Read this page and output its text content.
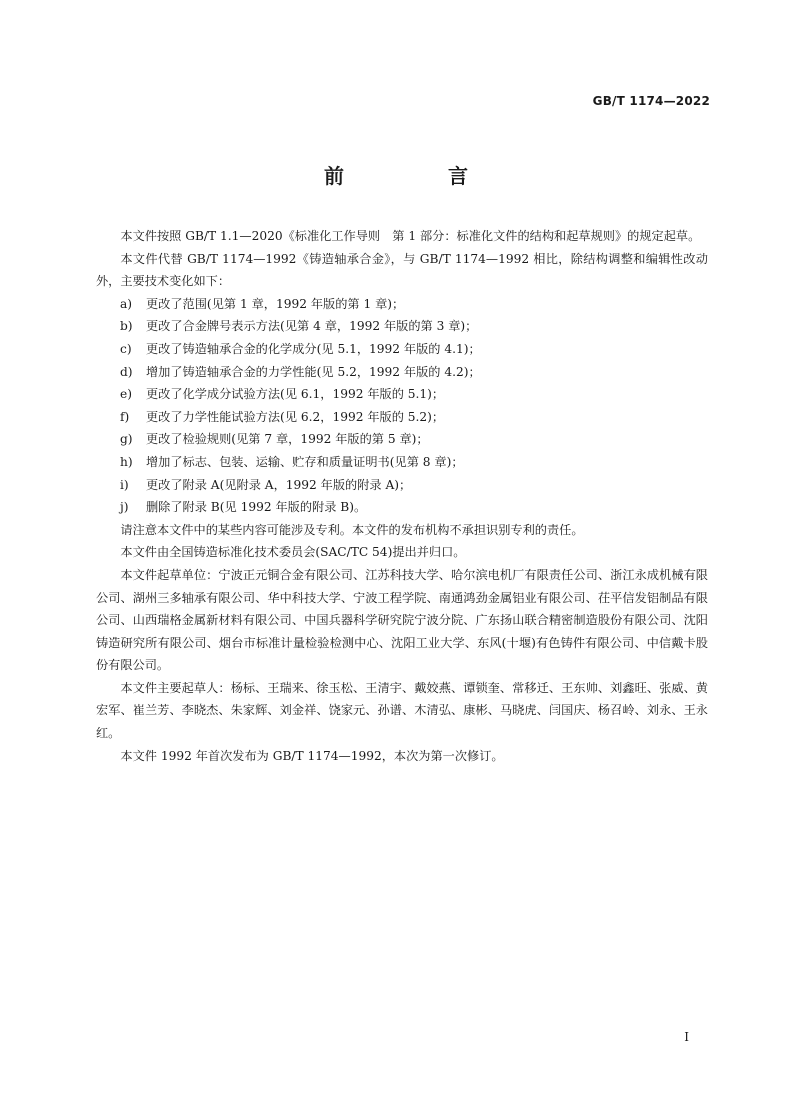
GB/T 1174—2022
前　言

本文件按照 GB/T 1.1—2020《标准化工作导则　第 1 部分：标准化文件的结构和起草规则》的规定起草。

本文件代替 GB/T 1174—1992《铸造轴承合金》，与 GB/T 1174—1992 相比，除结构调整和编辑性改动外，主要技术变化如下：

a) 更改了范围(见第 1 章，1992 年版的第 1 章)；

b) 更改了合金牌号表示方法(见第 4 章，1992 年版的第 3 章)；

c) 更改了铸造轴承合金的化学成分(见 5.1，1992 年版的 4.1)；

d) 增加了铸造轴承合金的力学性能(见 5.2，1992 年版的 4.2)；

e) 更改了化学成分试验方法(见 6.1，1992 年版的 5.1)；

f) 更改了力学性能试验方法(见 6.2，1992 年版的 5.2)；

g) 更改了检验规则(见第 7 章，1992 年版的第 5 章)；

h) 增加了标志、包装、运输、贮存和质量证明书(见第 8 章)；

i) 更改了附录 A(见附录 A，1992 年版的附录 A)；

j) 删除了附录 B(见 1992 年版的附录 B)。

请注意本文件中的某些内容可能涉及专利。本文件的发布机构不承担识别专利的责任。

本文件由全国铸造标准化技术委员会(SAC/TC 54)提出并归口。

本文件起草单位：宁波正元铜合金有限公司、江苏科技大学、哈尔滨电机厂有限责任公司、浙江永成机械有限公司、湖州三多轴承有限公司、华中科技大学、宁波工程学院、南通鸿劲金属铝业有限公司、茌平信发铝制品有限公司、山西瑞格金属新材料有限公司、中国兵器科学研究院宁波分院、广东扬山联合精密制造股份有限公司、沈阳铸造研究所有限公司、烟台市标准计量检验检测中心、沈阳工业大学、东风(十堰)有色铸件有限公司、中信戴卡股份有限公司。

本文件主要起草人：杨标、王瑞来、徐玉松、王清宇、戴姣燕、谭锁奎、常移迁、王东帅、刘鑫旺、张威、黄宏军、崔兰芳、李晓杰、朱家辉、刘金祥、饶家元、孙谱、木清弘、康彬、马晓虎、闫国庆、杨召岭、刘永、王永红。

本文件 1992 年首次发布为 GB/T 1174—1992，本次为第一次修订。

I
